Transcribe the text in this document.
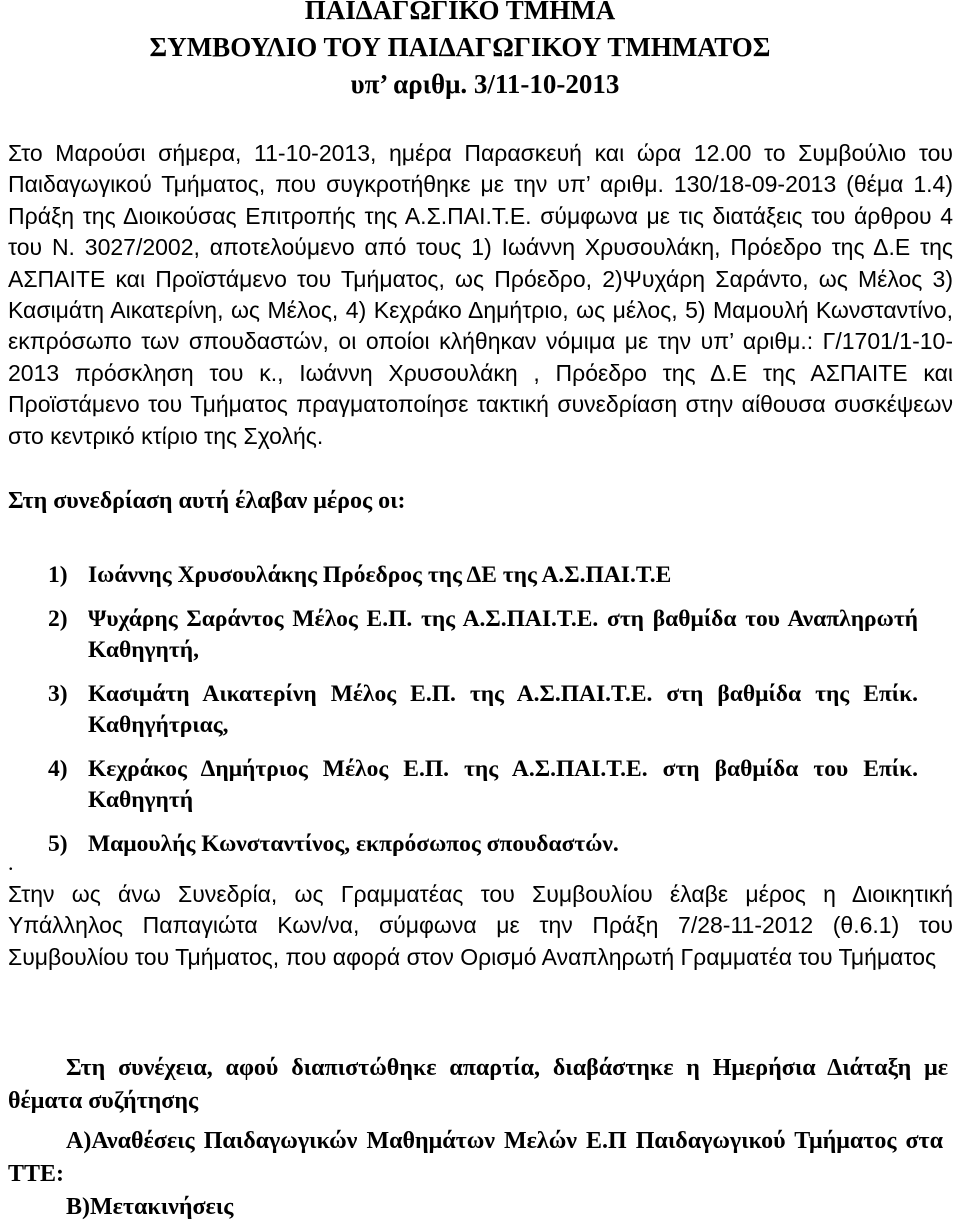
ΠΑΙΔΑΓΩΓΙΚΟ ΤΜΗΜΑ
ΣΥΜΒΟΥΛΙΟ ΤΟΥ ΠΑΙΔΑΓΩΓΙΚΟΥ ΤΜΗΜΑΤΟΣ
υπ’ αριθμ. 3/11-10-2013

Στο Μαρούσι σήμερα, 11-10-2013, ημέρα Παρασκευή και ώρα 12.00 το Συμβούλιο του Παιδαγωγικού Τμήματος, που συγκροτήθηκε με την υπ’ αριθμ. 130/18-09-2013 (θέμα 1.4) Πράξη της Διοικούσας Επιτροπής της Α.Σ.ΠΑΙ.Τ.Ε. σύμφωνα με τις διατάξεις του άρθρου 4 του Ν. 3027/2002, αποτελούμενο από τους 1) Ιωάννη Χρυσουλάκη, Πρόεδρο της Δ.Ε της ΑΣΠΑΙΤΕ και Προϊστάμενο του Τμήματος, ως Πρόεδρο, 2)Ψυχάρη Σαράντο, ως Μέλος 3) Κασιμάτη Αικατερίνη, ως Μέλος, 4) Κεχράκο Δημήτριο, ως μέλος, 5) Μαμουλή Κωνσταντίνο, εκπρόσωπο των σπουδαστών, οι οποίοι κλήθηκαν νόμιμα με την υπ’ αριθμ.: Γ/1701/1-10-2013 πρόσκληση του κ., Ιωάννη Χρυσουλάκη , Πρόεδρο της Δ.Ε της ΑΣΠΑΙΤΕ και Προϊστάμενο του Τμήματος πραγματοποίησε τακτική συνεδρίαση στην αίθουσα συσκέψεων στο κεντρικό κτίριο της Σχολής.

Στη συνεδρίαση αυτή έλαβαν μέρος οι:
1) Ιωάννης Χρυσουλάκης Πρόεδρος της ΔΕ της Α.Σ.ΠΑΙ.Τ.Ε
2) Ψυχάρης Σαράντος Μέλος Ε.Π. της Α.Σ.ΠΑΙ.Τ.Ε. στη βαθμίδα του Αναπληρωτή Καθηγητή,
3) Κασιμάτη Αικατερίνη Μέλος Ε.Π. της Α.Σ.ΠΑΙ.Τ.Ε. στη βαθμίδα της Επίκ. Καθηγήτριας,
4) Κεχράκος Δημήτριος Μέλος Ε.Π. της Α.Σ.ΠΑΙ.Τ.Ε. στη βαθμίδα του Επίκ. Καθηγητή
5) Μαμουλής Κωνσταντίνος, εκπρόσωπος σπουδαστών.
.

Στην ως άνω Συνεδρία, ως Γραμματέας του Συμβουλίου έλαβε μέρος η Διοικητική Υπάλληλος Παπαγιώτα Κων/να, σύμφωνα με την Πράξη 7/28-11-2012 (θ.6.1) του Συμβουλίου του Τμήματος, που αφορά στον Ορισμό Αναπληρωτή Γραμματέα του Τμήματος

Στη συνέχεια, αφού διαπιστώθηκε απαρτία, διαβάστηκε η Ημερήσια Διάταξη με θέματα συζήτησης

Α)Αναθέσεις Παιδαγωγικών Μαθημάτων Μελών Ε.Π Παιδαγωγικού Τμήματος στα ΤΤΕ:

Β)Μετακινήσεις
